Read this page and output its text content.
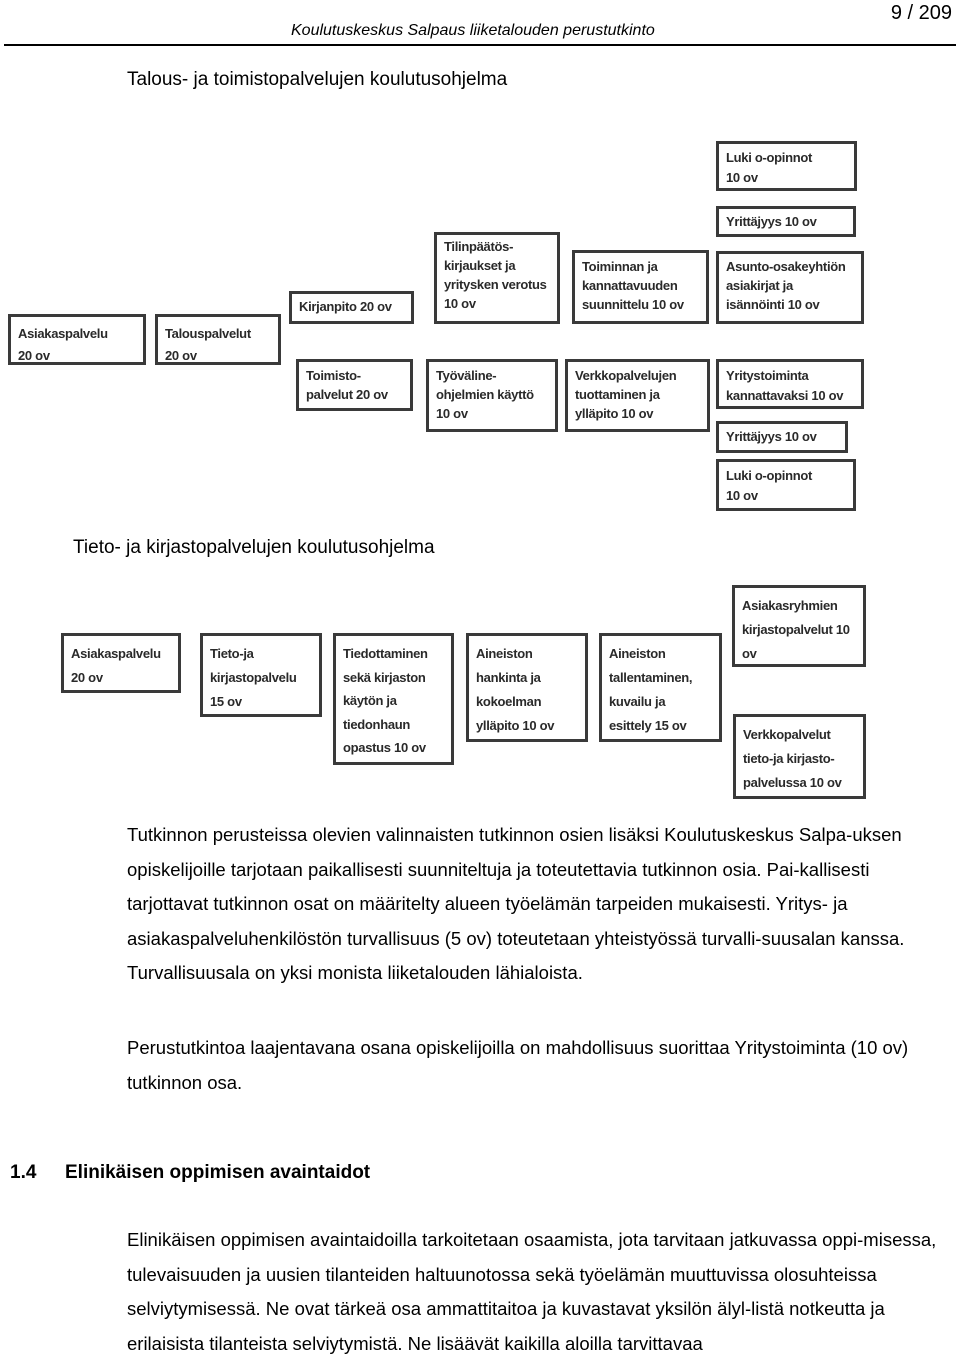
Koulutuskeskus Salpaus liiketalouden perustutkinto
9 / 209
Talous- ja toimistopalvelujen koulutusohjelma
Asiakaspalvelu
20 ov
Talouspalvelut
20 ov
Kirjanpito 20 ov
Tilinpäätös-
kirjaukset ja
yritysken verotus
10 ov
Toiminnan ja
kannattavuuden
suunnittelu 10 ov
Luki o-opinnot
10 ov
Yrittäjyys 10 ov
Asunto-osakeyhtiön
asiakirjat ja
isännöinti 10 ov
Toimisto-
palvelut 20 ov
Työväline-
ohjelmien käyttö
10 ov
Verkkopalvelujen
tuottaminen ja
ylläpito 10 ov
Yritystoiminta
kannattavaksi 10 ov
Yrittäjyys 10 ov
Luki o-opinnot
10 ov
Tieto- ja kirjastopalvelujen koulutusohjelma
Asiakaspalvelu
20 ov
Tieto-ja
kirjastopalvelu
15 ov
Tiedottaminen
sekä kirjaston
käytön ja
tiedonhaun
opastus 10 ov
Aineiston
hankinta ja
kokoelman
ylläpito 10 ov
Aineiston
tallentaminen,
kuvailu ja
esittely 15 ov
Asiakasryhmien
kirjastopalvelut 10
ov
Verkkopalvelut
tieto-ja kirjasto-
palvelussa 10 ov
Tutkinnon perusteissa olevien valinnaisten tutkinnon osien lisäksi Koulutuskeskus Salpa-uksen opiskelijoille tarjotaan paikallisesti suunniteltuja ja toteutettavia tutkinnon osia. Pai-kallisesti tarjottavat tutkinnon osat on määritelty alueen työelämän tarpeiden mukaisesti. Yritys- ja asiakaspalveluhenkilöstön turvallisuus (5 ov) toteutetaan yhteistyössä turvalli-suusalan kanssa. Turvallisuusala on yksi monista liiketalouden lähialoista.
Perustutkintoa laajentavana osana opiskelijoilla on mahdollisuus suorittaa Yritystoiminta (10 ov) tutkinnon osa.
1.4 Elinikäisen oppimisen avaintaidot
Elinikäisen oppimisen avaintaidoilla tarkoitetaan osaamista, jota tarvitaan jatkuvassa oppi-misessa, tulevaisuuden ja uusien tilanteiden haltuunotossa sekä työelämän muuttuvissa olosuhteissa selviytymisessä. Ne ovat tärkeä osa ammattitaitoa ja kuvastavat yksilön älyl-listä notkeutta ja erilaisista tilanteista selviytymistä. Ne lisäävät kaikilla aloilla tarvittavaa
